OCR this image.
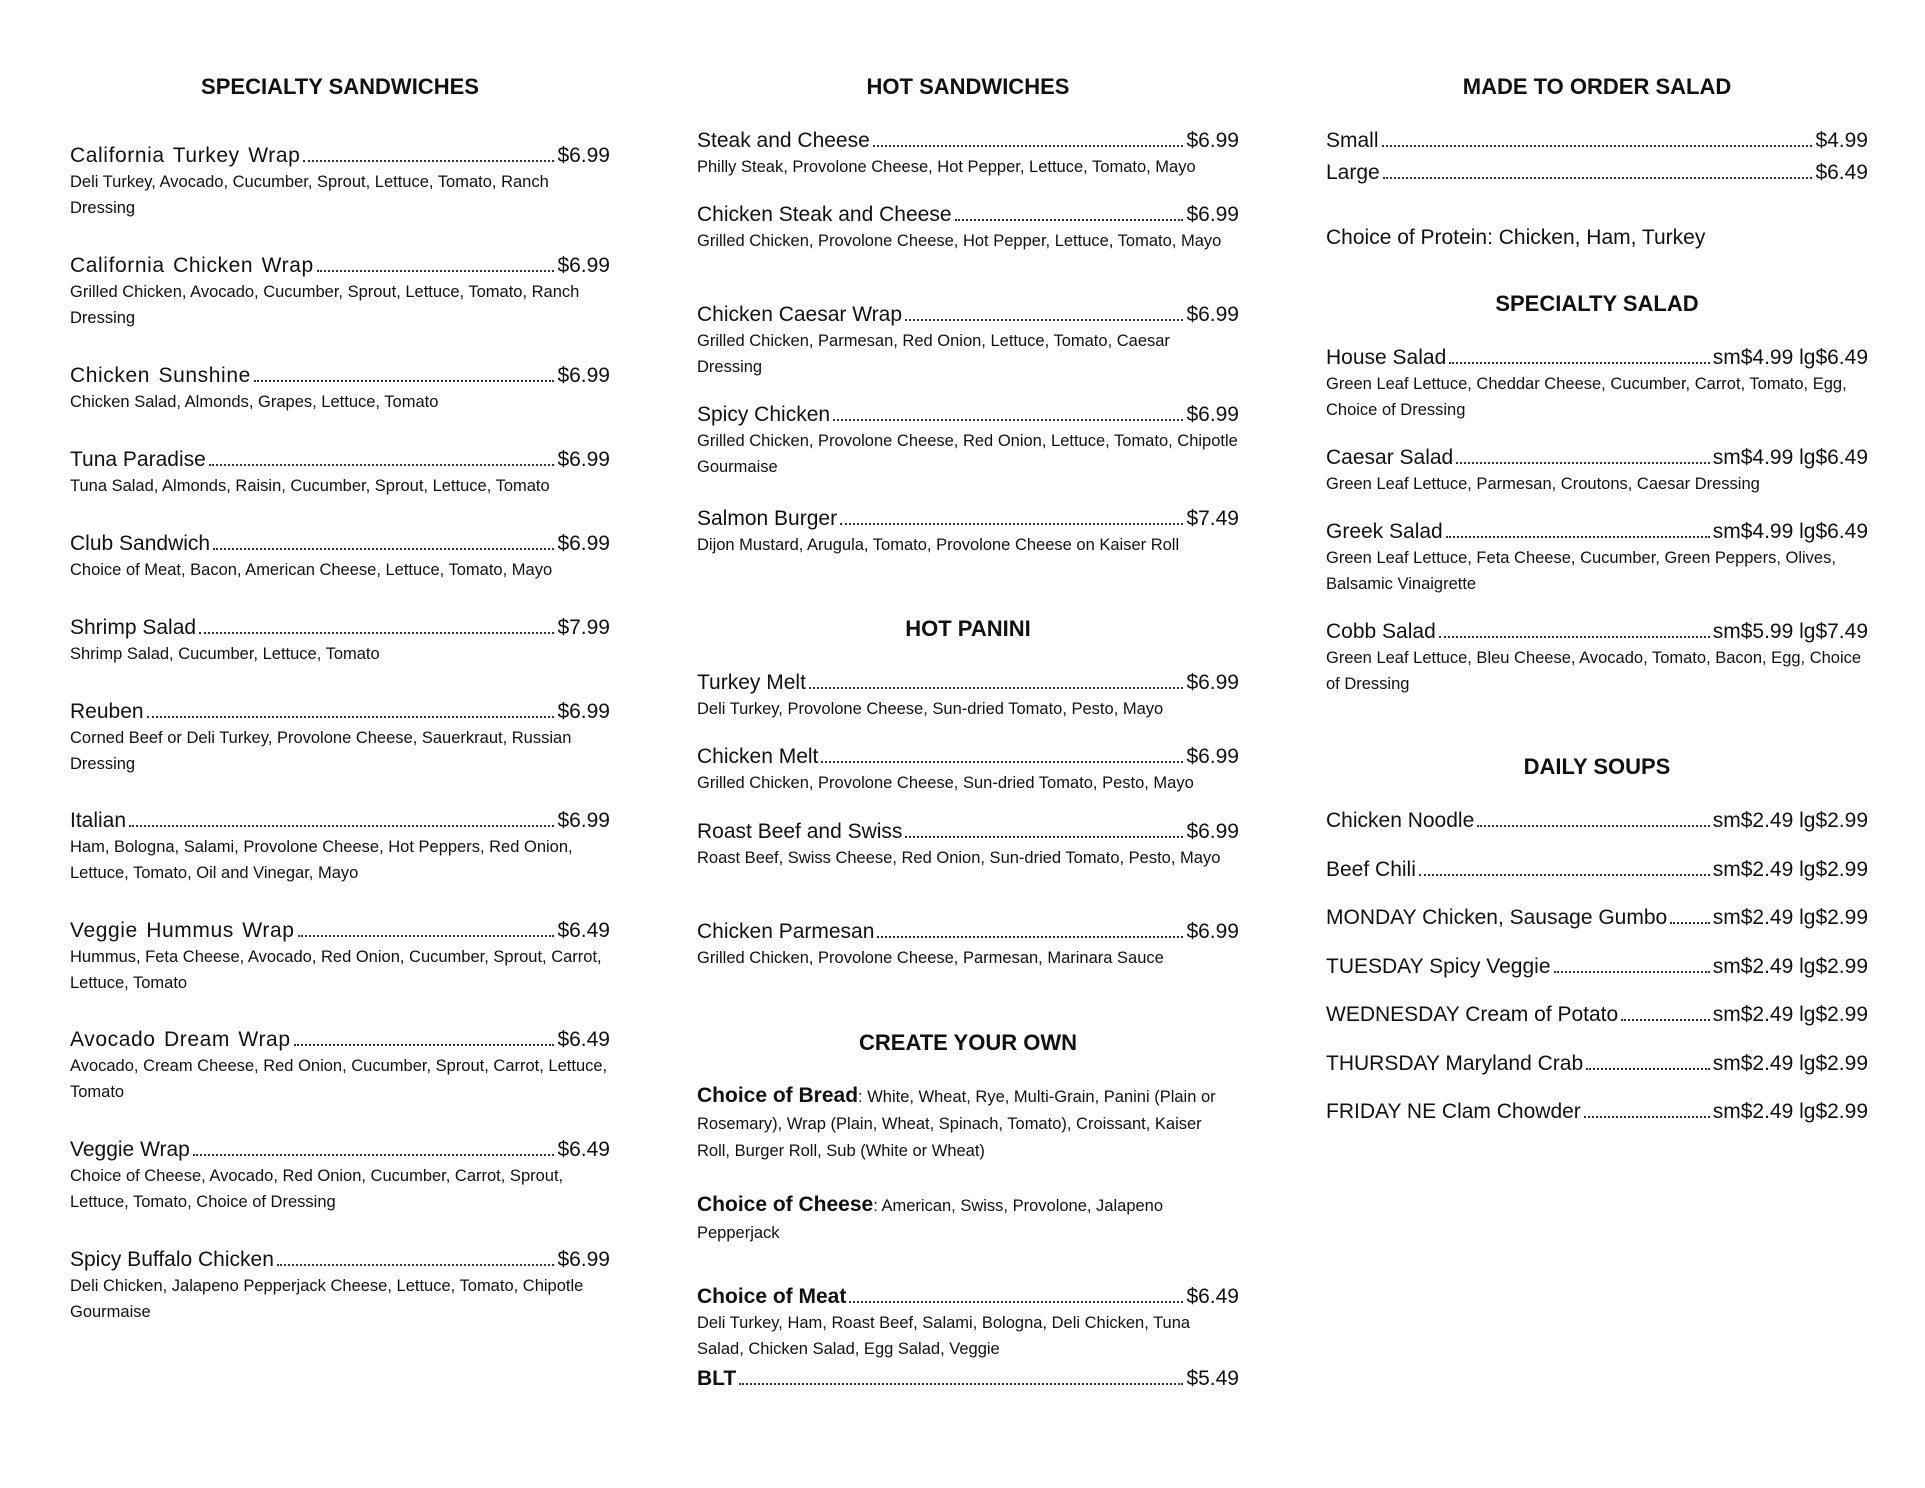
SPECIALTY SANDWICHES
California Turkey Wrap	$6.99

Deli Turkey, Avocado, Cucumber, Sprout, Lettuce, Tomato, Ranch Dressing

California Chicken Wrap	$6.99

Grilled Chicken, Avocado, Cucumber, Sprout, Lettuce, Tomato, Ranch Dressing

Chicken Sunshine	$6.99

Chicken Salad, Almonds, Grapes, Lettuce, Tomato

Tuna Paradise	$6.99

Tuna Salad, Almonds, Raisin, Cucumber, Sprout, Lettuce, Tomato

Club Sandwich	$6.99

Choice of Meat, Bacon, American Cheese, Lettuce, Tomato, Mayo

Shrimp Salad	$7.99

Shrimp Salad, Cucumber, Lettuce, Tomato

Reuben	$6.99

Corned Beef or Deli Turkey, Provolone Cheese, Sauerkraut, Russian Dressing

Italian	$6.99

Ham, Bologna, Salami, Provolone Cheese, Hot Peppers, Red Onion, Lettuce, Tomato, Oil and Vinegar, Mayo

Veggie Hummus Wrap	$6.49

Hummus, Feta Cheese, Avocado, Red Onion, Cucumber, Sprout, Carrot, Lettuce, Tomato

Avocado Dream Wrap	$6.49

Avocado, Cream Cheese, Red Onion, Cucumber, Sprout, Carrot, Lettuce, Tomato

Veggie Wrap	$6.49

Choice of Cheese, Avocado, Red Onion, Cucumber, Carrot, Sprout, Lettuce, Tomato, Choice of Dressing

Spicy Buffalo Chicken	$6.99

Deli Chicken, Jalapeno Pepperjack Cheese, Lettuce, Tomato, Chipotle Gourmaise

HOT SANDWICHES
Steak and Cheese	$6.99

Philly Steak, Provolone Cheese, Hot Pepper, Lettuce, Tomato, Mayo

Chicken Steak and Cheese	$6.99

Grilled Chicken, Provolone Cheese, Hot Pepper, Lettuce, Tomato, Mayo

Chicken Caesar Wrap	$6.99

Grilled Chicken, Parmesan, Red Onion, Lettuce, Tomato, Caesar Dressing

Spicy Chicken	$6.99

Grilled Chicken, Provolone Cheese, Red Onion, Lettuce, Tomato, Chipotle Gourmaise

Salmon Burger	$7.49

Dijon Mustard, Arugula, Tomato, Provolone Cheese on Kaiser Roll

HOT PANINI
Turkey Melt	$6.99

Deli Turkey, Provolone Cheese, Sun-dried Tomato, Pesto, Mayo

Chicken Melt	$6.99

Grilled Chicken, Provolone Cheese, Sun-dried Tomato, Pesto, Mayo

Roast Beef and Swiss	$6.99

Roast Beef, Swiss Cheese, Red Onion, Sun-dried Tomato, Pesto, Mayo

Chicken Parmesan	$6.99

Grilled Chicken, Provolone Cheese, Parmesan, Marinara Sauce

CREATE YOUR OWN
Choice of Bread: White, Wheat, Rye, Multi-Grain, Panini (Plain or Rosemary), Wrap (Plain, Wheat, Spinach, Tomato), Croissant, Kaiser Roll, Burger Roll, Sub (White or Wheat)
Choice of Cheese: American, Swiss, Provolone, Jalapeno Pepperjack
Choice of Meat	$6.49

Deli Turkey, Ham, Roast Beef, Salami, Bologna, Deli Chicken, Tuna Salad, Chicken Salad, Egg Salad, Veggie

BLT	$5.49
MADE TO ORDER SALAD
Small	$4.99
Large	$6.49
Choice of Protein: Chicken, Ham, Turkey
SPECIALTY SALAD
House Salad	sm$4.99 lg$6.49

Green Leaf Lettuce, Cheddar Cheese, Cucumber, Carrot, Tomato, Egg, Choice of Dressing

Caesar Salad	sm$4.99 lg$6.49

Green Leaf Lettuce, Parmesan, Croutons, Caesar Dressing

Greek Salad	sm$4.99 lg$6.49

Green Leaf Lettuce, Feta Cheese, Cucumber, Green Peppers, Olives, Balsamic Vinaigrette

Cobb Salad	sm$5.99 lg$7.49

Green Leaf Lettuce, Bleu Cheese, Avocado, Tomato, Bacon, Egg, Choice of Dressing

DAILY SOUPS
Chicken Noodle	sm$2.49 lg$2.99
Beef Chili	sm$2.49 lg$2.99
MONDAY Chicken, Sausage Gumbo sm$2.49 lg$2.99
TUESDAY Spicy Veggie	sm$2.49 lg$2.99
WEDNESDAY Cream of Potato	sm$2.49 lg$2.99
THURSDAY Maryland Crab	sm$2.49 lg$2.99
FRIDAY NE Clam Chowder	sm$2.49 lg$2.99
